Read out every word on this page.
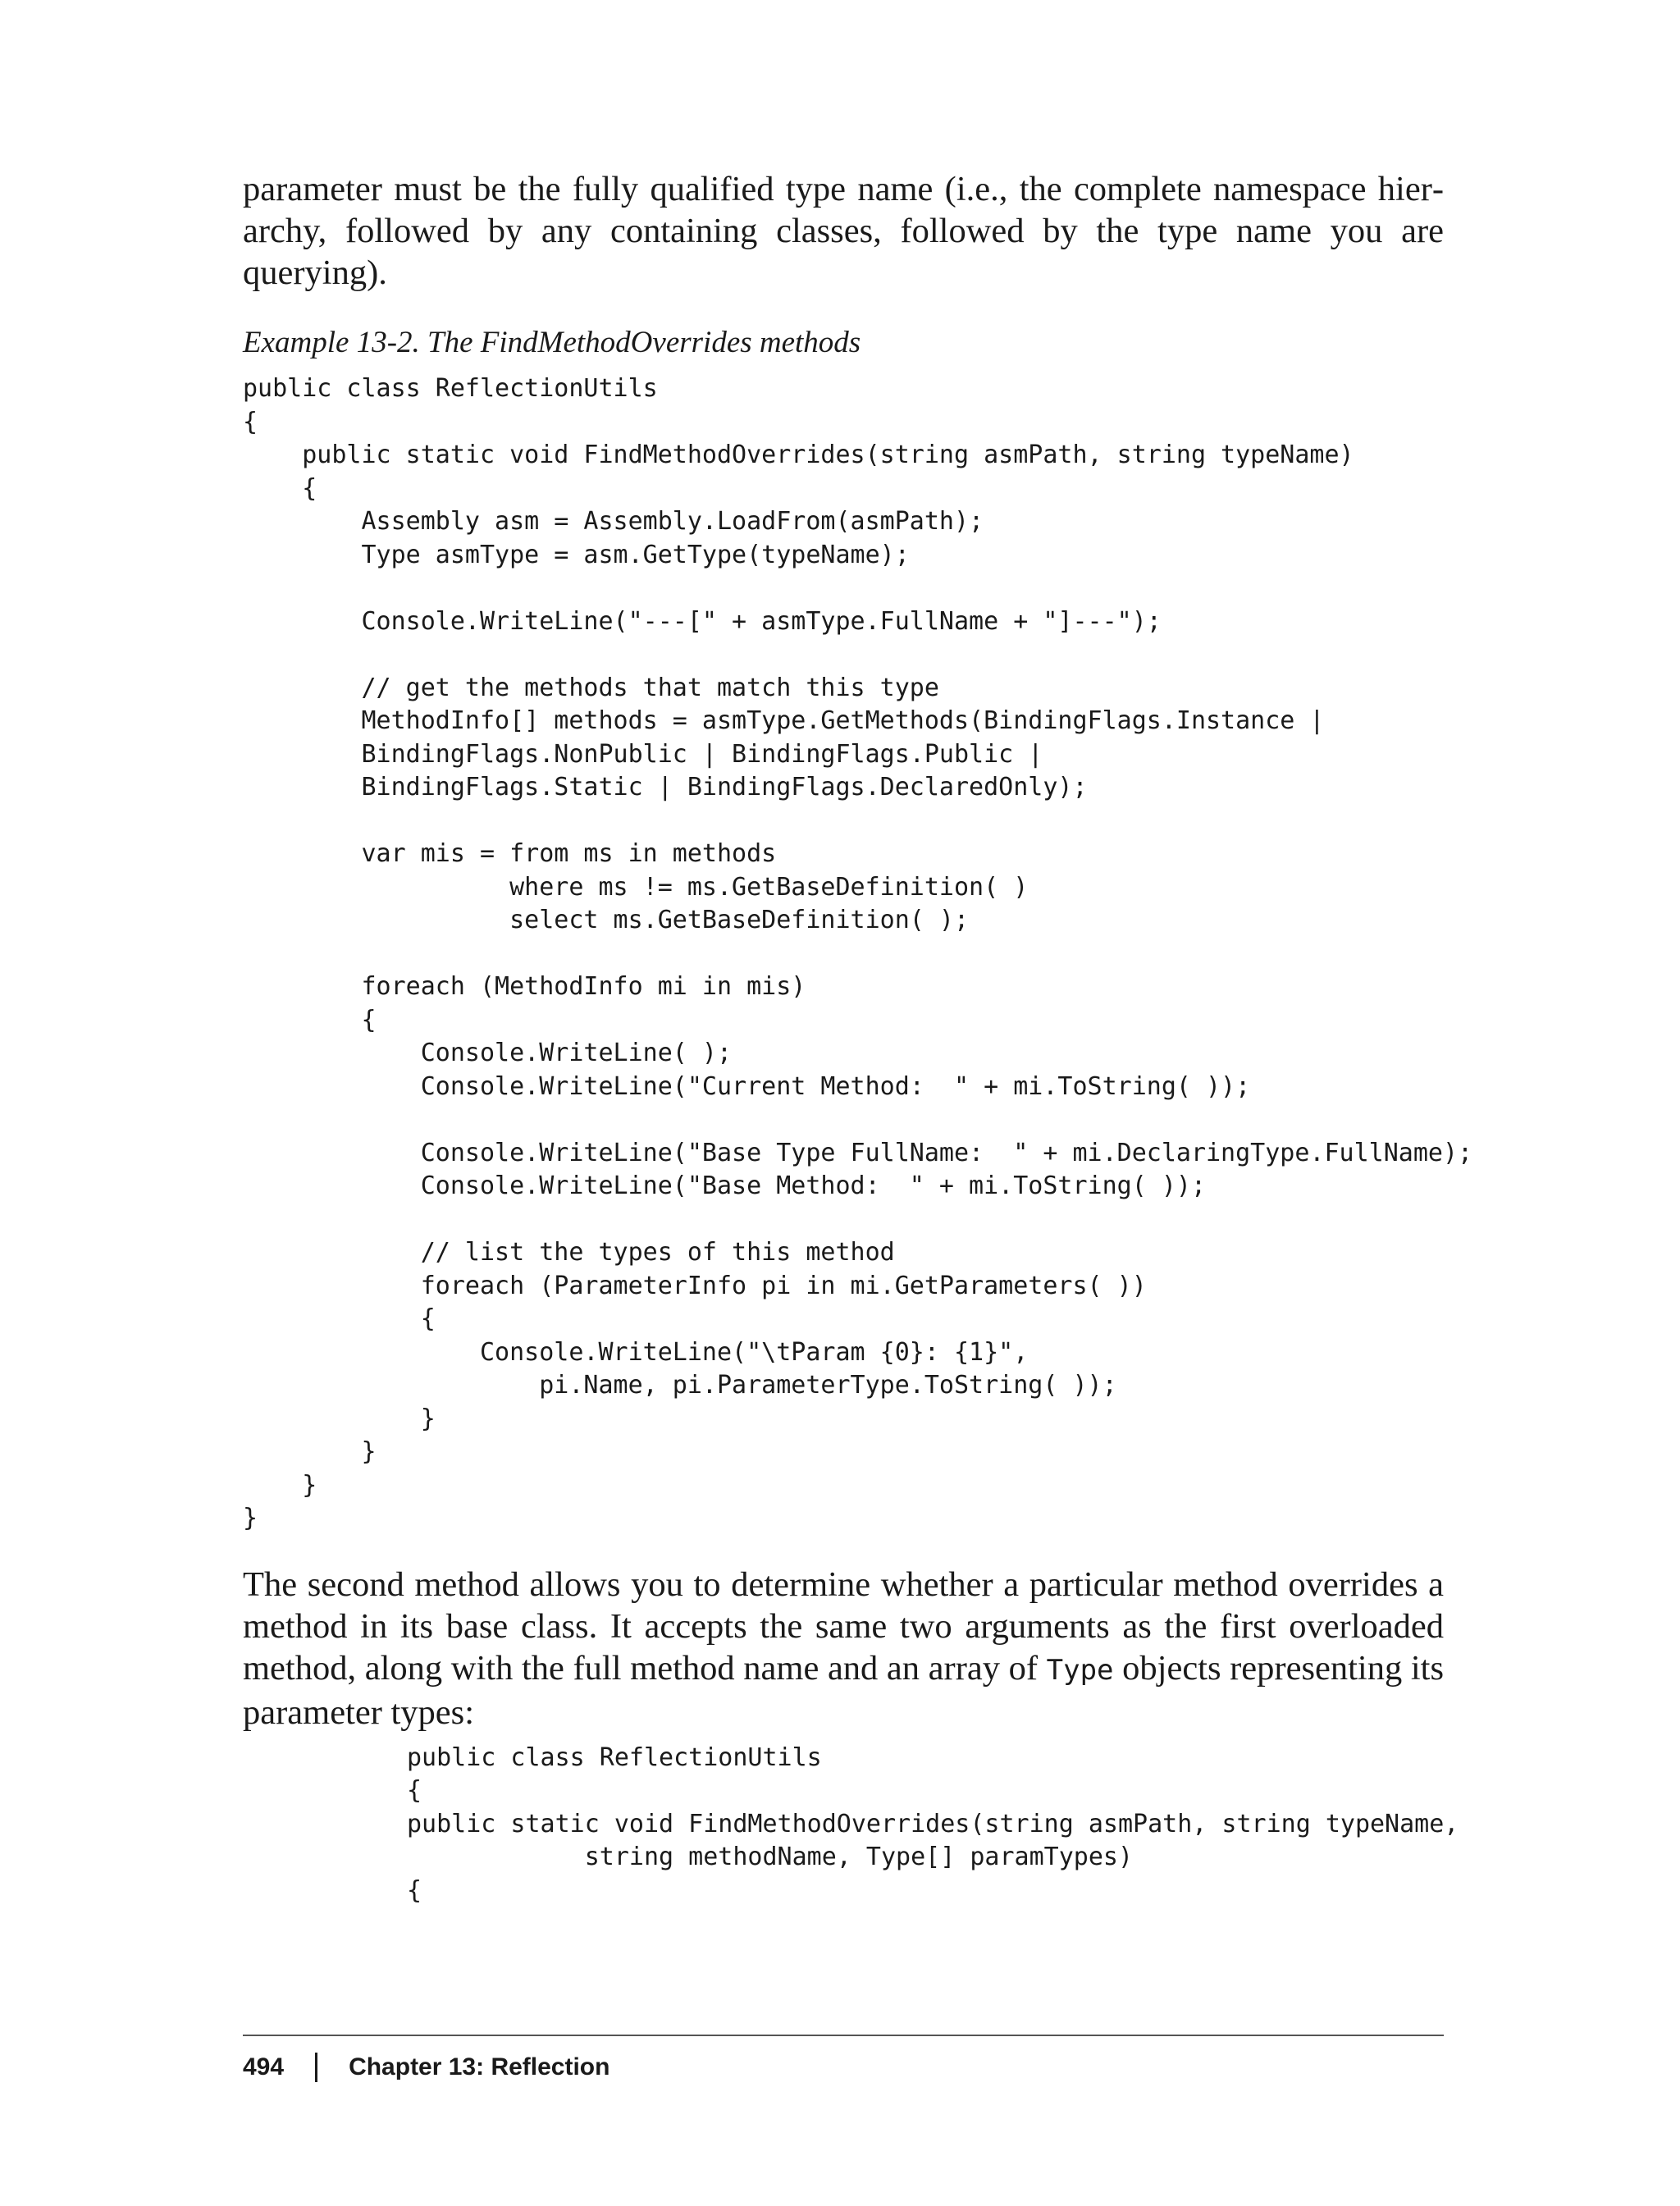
parameter must be the fully qualified type name (i.e., the complete namespace hierarchy, followed by any containing classes, followed by the type name you are querying).

Example 13-2. The FindMethodOverrides methods
public class ReflectionUtils
{
public static void FindMethodOverrides(string asmPath, string typeName)
{
Assembly asm = Assembly.LoadFrom(asmPath);
Type asmType = asm.GetType(typeName);
Console.WriteLine("---[" + asmType.FullName + "]---");
// get the methods that match this type
MethodInfo[] methods = asmType.GetMethods(BindingFlags.Instance |
BindingFlags.NonPublic | BindingFlags.Public |
BindingFlags.Static | BindingFlags.DeclaredOnly);
var mis = from ms in methods
where ms != ms.GetBaseDefinition( )
select ms.GetBaseDefinition( );
foreach (MethodInfo mi in mis)
{
Console.WriteLine( );
Console.WriteLine("Current Method:  " + mi.ToString( ));
Console.WriteLine("Base Type FullName:  " + mi.DeclaringType.FullName);
Console.WriteLine("Base Method:  " + mi.ToString( ));
// list the types of this method
foreach (ParameterInfo pi in mi.GetParameters( ))
{
Console.WriteLine("\tParam {0}: {1}",
pi.Name, pi.ParameterType.ToString( ));
}
}
}
}

The second method allows you to determine whether a particular method overrides a method in its base class. It accepts the same two arguments as the first overloaded method, along with the full method name and an array of Type objects representing its parameter types:

public class ReflectionUtils
{
public static void FindMethodOverrides(string asmPath, string typeName,
string methodName, Type[] paramTypes)
{
494	Chapter 13: Reflection
